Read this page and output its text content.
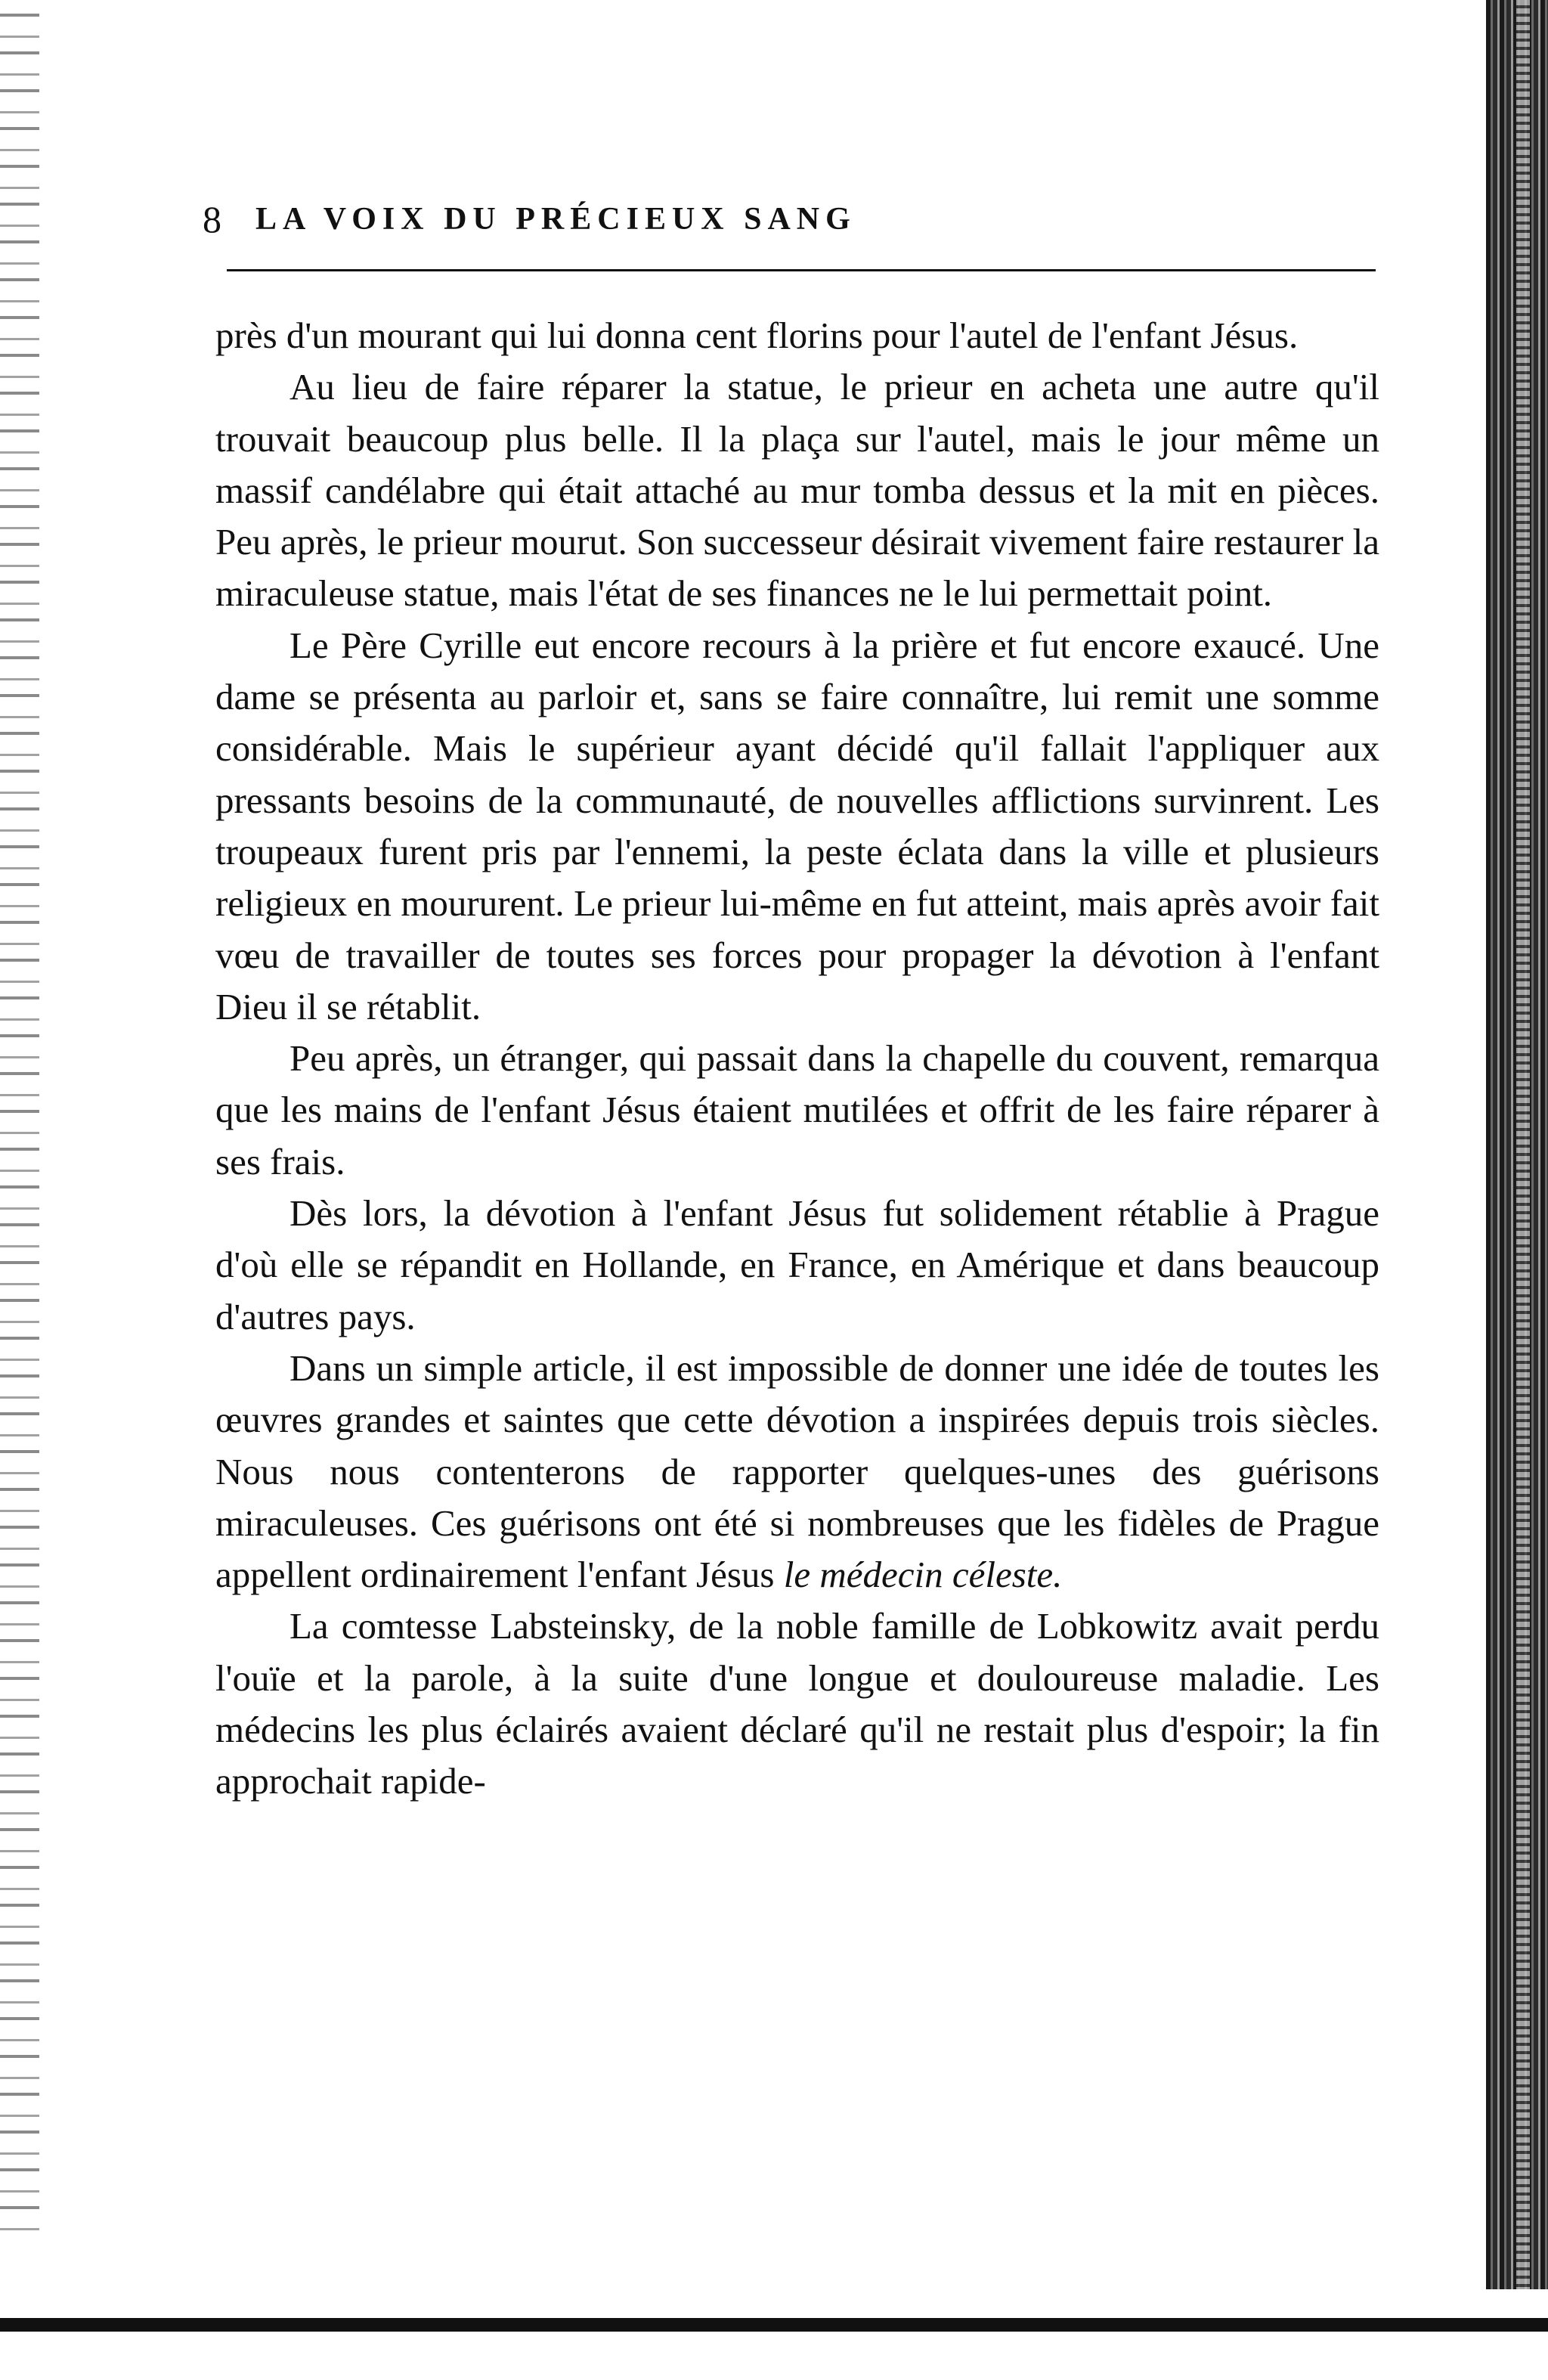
8 LA VOIX DU PRÉCIEUX SANG

près d'un mourant qui lui donna cent florins pour l'autel de l'enfant Jésus.

Au lieu de faire réparer la statue, le prieur en acheta une autre qu'il trouvait beaucoup plus belle. Il la plaça sur l'autel, mais le jour même un massif candélabre qui était attaché au mur tomba dessus et la mit en pièces. Peu après, le prieur mourut. Son successeur désirait vivement faire restaurer la miraculeuse statue, mais l'état de ses finances ne le lui permettait point.

Le Père Cyrille eut encore recours à la prière et fut encore exaucé. Une dame se présenta au parloir et, sans se faire connaître, lui remit une somme considérable. Mais le supérieur ayant décidé qu'il fallait l'appliquer aux pressants besoins de la communauté, de nouvelles afflictions survinrent. Les troupeaux furent pris par l'ennemi, la peste éclata dans la ville et plusieurs religieux en moururent. Le prieur lui-même en fut atteint, mais après avoir fait vœu de travailler de toutes ses forces pour propager la dévotion à l'enfant Dieu il se rétablit.

Peu après, un étranger, qui passait dans la chapelle du couvent, remarqua que les mains de l'enfant Jésus étaient mutilées et offrit de les faire réparer à ses frais.

Dès lors, la dévotion à l'enfant Jésus fut solidement rétablie à Prague d'où elle se répandit en Hollande, en France, en Amérique et dans beaucoup d'autres pays.

Dans un simple article, il est impossible de donner une idée de toutes les œuvres grandes et saintes que cette dévotion a inspirées depuis trois siècles. Nous nous contenterons de rapporter quelques-unes des guérisons miraculeuses. Ces guérisons ont été si nombreuses que les fidèles de Prague appellent ordinairement l'enfant Jésus le médecin céleste.

La comtesse Labsteinsky, de la noble famille de Lobkowitz avait perdu l'ouïe et la parole, à la suite d'une longue et douloureuse maladie. Les médecins les plus éclairés avaient déclaré qu'il ne restait plus d'espoir; la fin approchait rapide-
